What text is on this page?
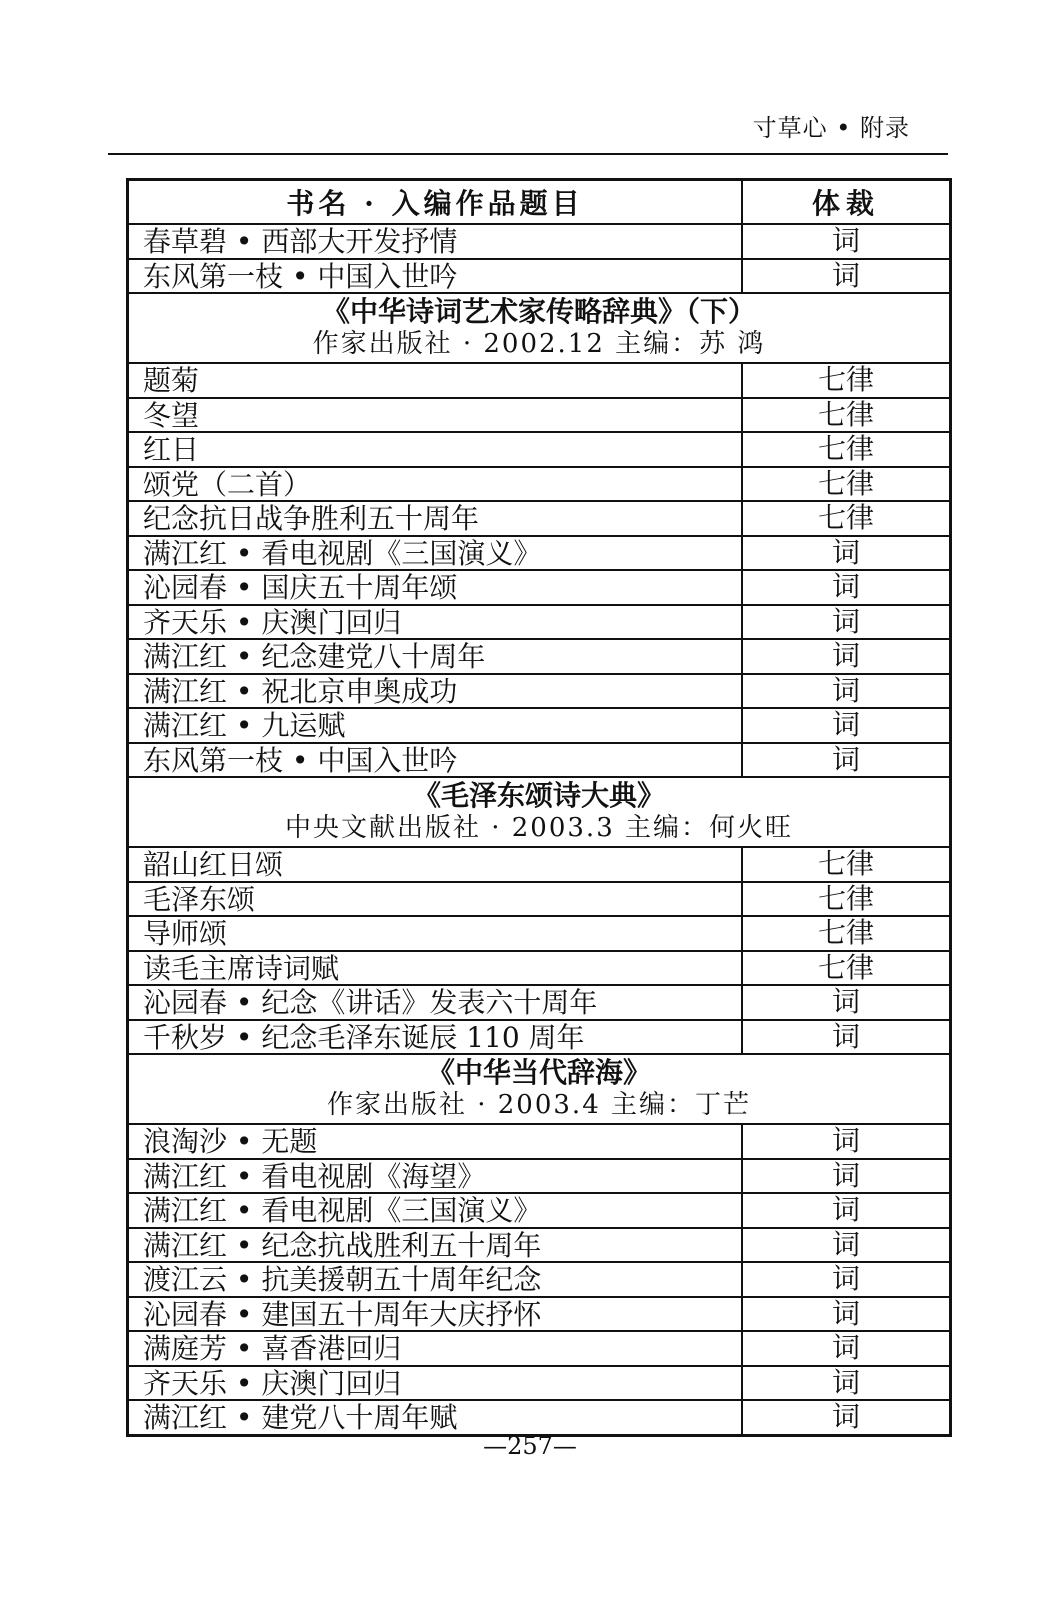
寸草心 • 附录
书名 · 入编作品题目	体裁
春草碧 • 西部大开发抒情	词
东风第一枝 • 中国入世吟	词
《中华诗词艺术家传略辞典》（下）
作家出版社 · 2002.12 主编：苏 鸿
题菊	七律
冬望	七律
红日	七律
颂党（二首）	七律
纪念抗日战争胜利五十周年	七律
满江红 • 看电视剧《三国演义》	词
沁园春 • 国庆五十周年颂	词
齐天乐 • 庆澳门回归	词
满江红 • 纪念建党八十周年	词
满江红 • 祝北京申奥成功	词
满江红 • 九运赋	词
东风第一枝 • 中国入世吟	词
《毛泽东颂诗大典》
中央文献出版社 · 2003.3 主编：何火旺
韶山红日颂	七律
毛泽东颂	七律
导师颂	七律
读毛主席诗词赋	七律
沁园春 • 纪念《讲话》发表六十周年	词
千秋岁 • 纪念毛泽东诞辰 110 周年	词
《中华当代辞海》
作家出版社 · 2003.4 主编：丁芒
浪淘沙 • 无题	词
满江红 • 看电视剧《海望》	词
满江红 • 看电视剧《三国演义》	词
满江红 • 纪念抗战胜利五十周年	词
渡江云 • 抗美援朝五十周年纪念	词
沁园春 • 建国五十周年大庆抒怀	词
满庭芳 • 喜香港回归	词
齐天乐 • 庆澳门回归	词
满江红 • 建党八十周年赋	词
—257—
